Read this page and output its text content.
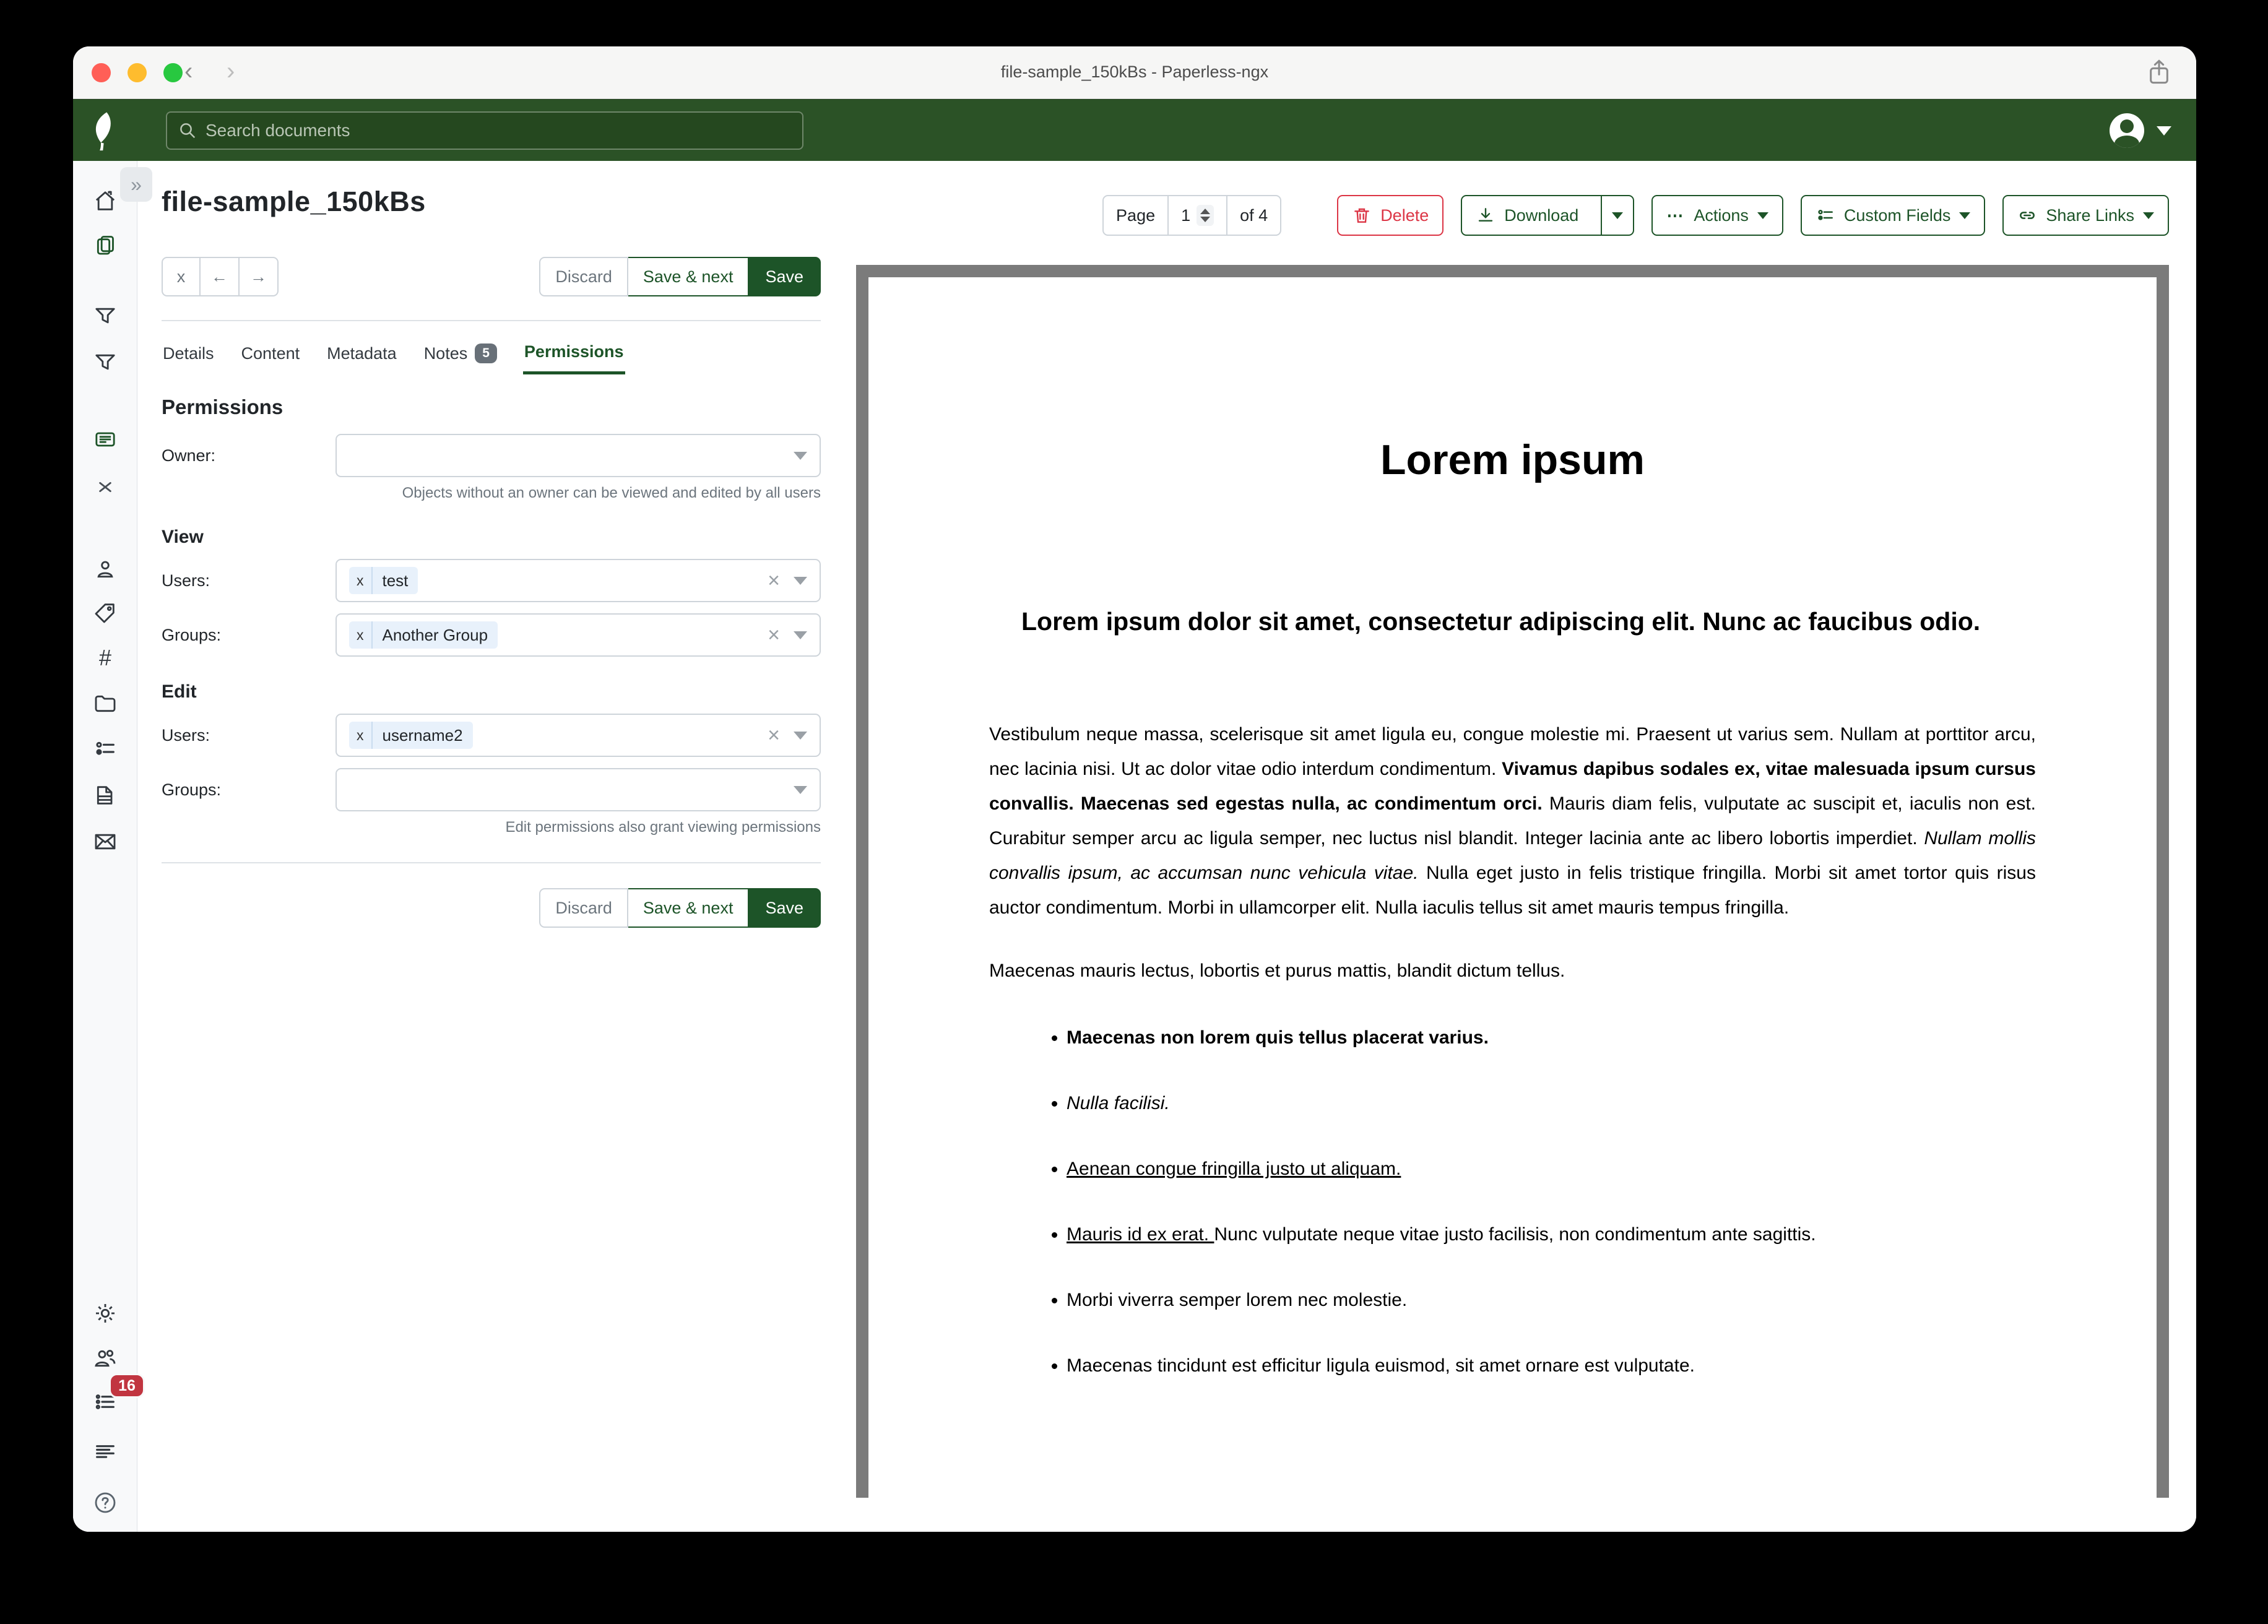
‹ ›	file-sample_150kBs - Paperless-ngx
Search documents
#
16
»
file-sample_150kBs	Page	1	of 4	Delete	Download	⋯ Actions	Custom Fields	Share Links
x	←	→	Discard	Save & next	Save
Details Content Metadata Notes	5	Permissions
Permissions
Owner:
Objects without an owner can be viewed and edited by all users
View
Users:	x	test	×
Groups:	x	Another Group	×
Edit
Users:	x	username2	×
Groups:
Edit permissions also grant viewing permissions
Discard	Save & next	Save
Lorem ipsum
Lorem ipsum dolor sit amet, consectetur adipiscing elit. Nunc ac faucibus odio.

Vestibulum neque massa, scelerisque sit amet ligula eu, congue molestie mi. Praesent ut varius sem. Nullam at porttitor arcu, nec lacinia nisi. Ut ac dolor vitae odio interdum condimentum. Vivamus dapibus sodales ex, vitae malesuada ipsum cursus convallis. Maecenas sed egestas nulla, ac condimentum orci. Mauris diam felis, vulputate ac suscipit et, iaculis non est. Curabitur semper arcu ac ligula semper, nec luctus nisl blandit. Integer lacinia ante ac libero lobortis imperdiet. Nullam mollis convallis ipsum, ac accumsan nunc vehicula vitae. Nulla eget justo in felis tristique fringilla. Morbi sit amet tortor quis risus auctor condimentum. Morbi in ullamcorper elit. Nulla iaculis tellus sit amet mauris tempus fringilla.

Maecenas mauris lectus, lobortis et purus mattis, blandit dictum tellus.

• Maecenas non lorem quis tellus placerat varius.
• Nulla facilisi.
• Aenean congue fringilla justo ut aliquam.
• Mauris id ex erat. Nunc vulputate neque vitae justo facilisis, non condimentum ante sagittis.
• Morbi viverra semper lorem nec molestie.
• Maecenas tincidunt est efficitur ligula euismod, sit amet ornare est vulputate.
